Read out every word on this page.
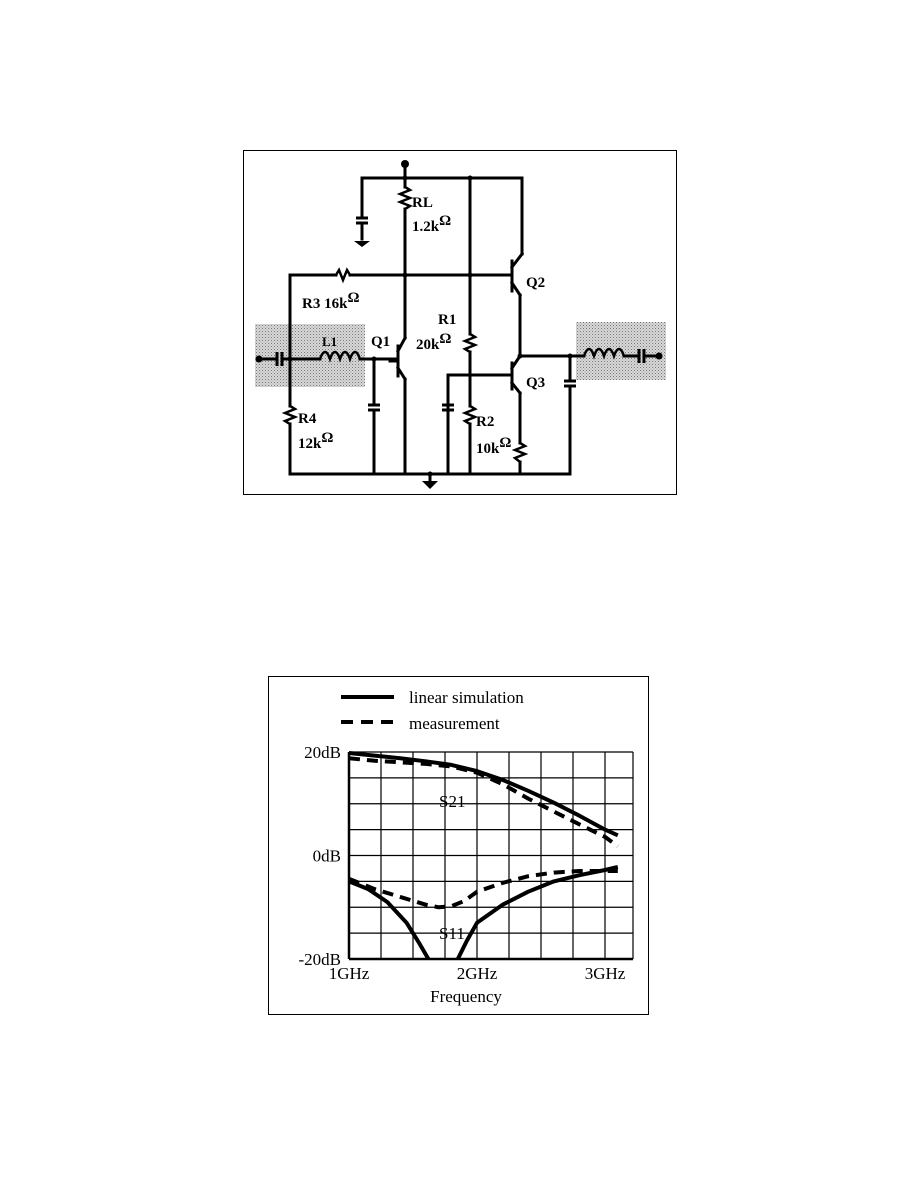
RL
1.2kΩ
R3 16kΩ
R1
20kΩ
Q1
Q2
Q3
L1
R4
12kΩ
R2
10kΩ
linear simulation
measurement
S21
S11
20dB
0dB
-20dB
1GHz	2GHz	3GHz
Frequency
